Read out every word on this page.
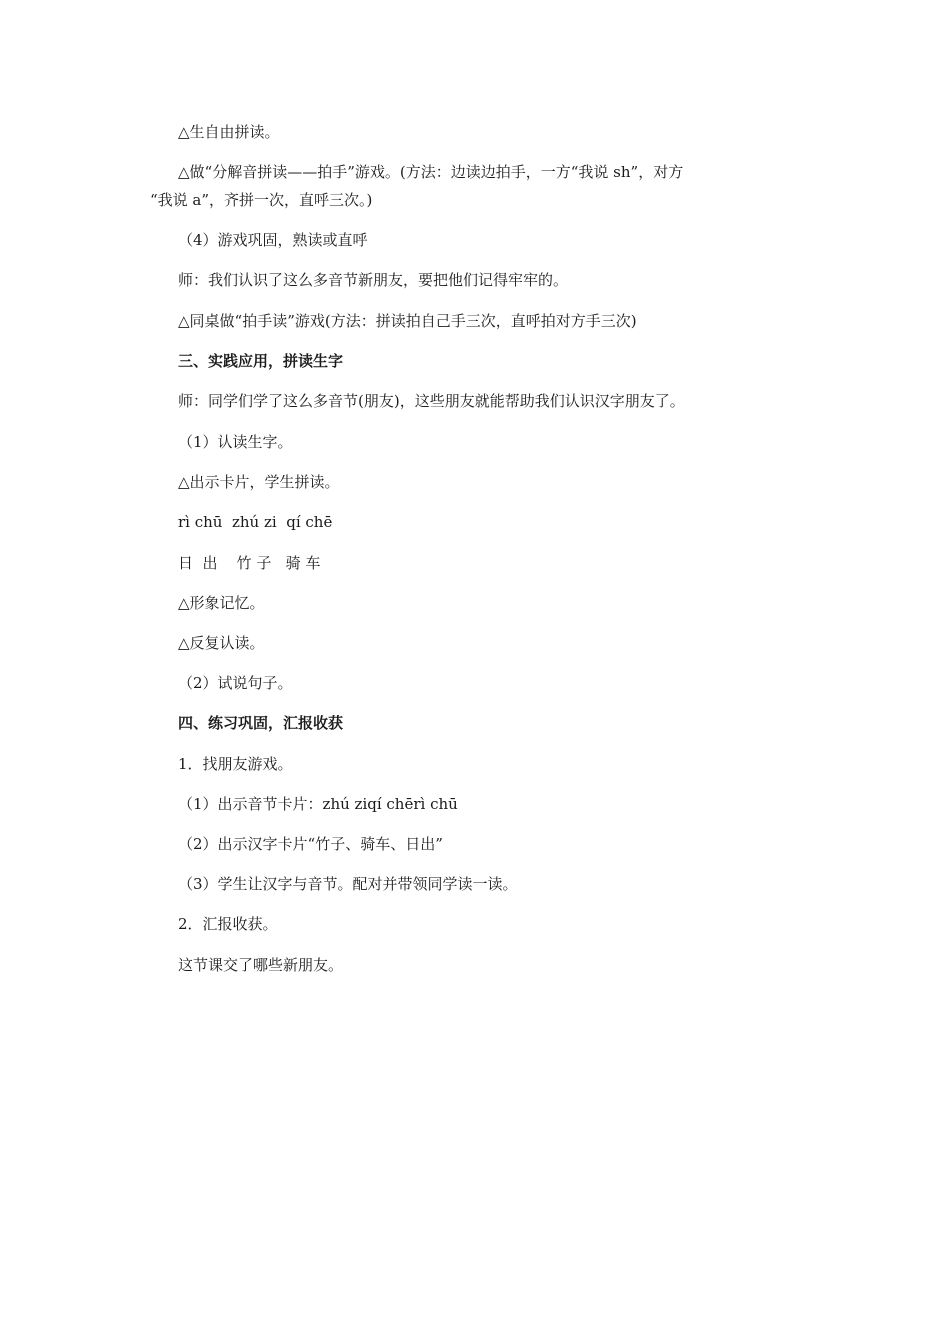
△生自由拼读。
△做“分解音拼读——拍手”游戏。(方法：边读边拍手，一方“我说 sh”，对方
“我说 a”，齐拼一次，直呼三次。)
（4）游戏巩固，熟读或直呼
师：我们认识了这么多音节新朋友，要把他们记得牢牢的。
△同桌做“拍手读”游戏(方法：拼读拍自己手三次，直呼拍对方手三次)
三、实践应用，拼读生字
师：同学们学了这么多音节(朋友)，这些朋友就能帮助我们认识汉字朋友了。
（1）认读生字。
△出示卡片，学生拼读。
rì chū  zhú zi  qí chē
日  出    竹 子   骑 车
△形象记忆。
△反复认读。
（2）试说句子。
四、练习巩固，汇报收获
1．找朋友游戏。
（1）出示音节卡片：zhú ziqí chērì chū
（2）出示汉字卡片“竹子、骑车、日出”
（3）学生让汉字与音节。配对并带领同学读一读。
2．汇报收获。
这节课交了哪些新朋友。
